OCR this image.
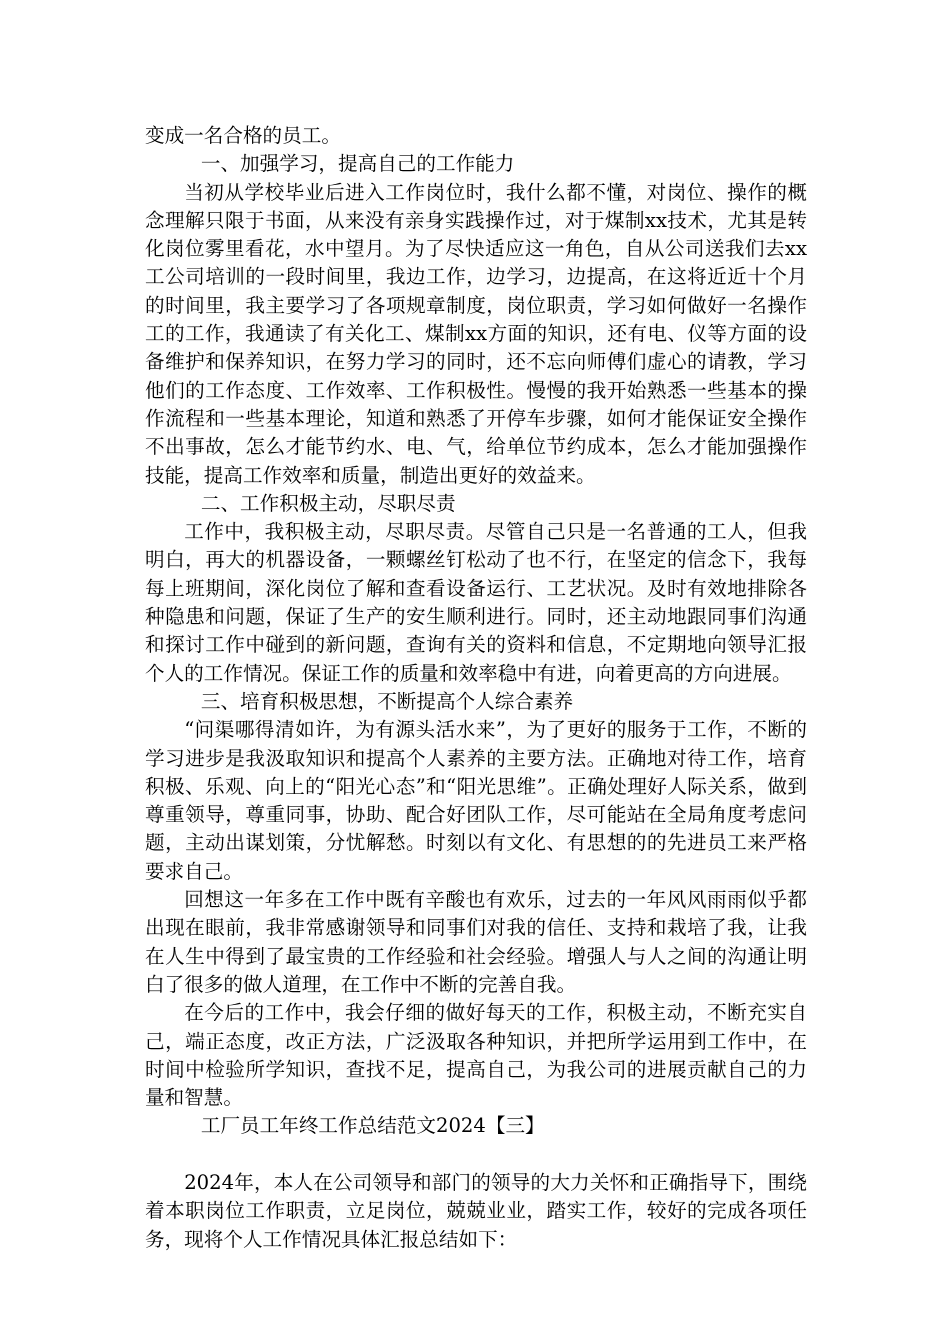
变成一名合格的员工。

一、加强学习，提高自己的工作能力

当初从学校毕业后进入工作岗位时，我什么都不懂，对岗位、操作的概念理解只限于书面，从来没有亲身实践操作过，对于煤制xx技术，尤其是转化岗位雾里看花，水中望月。为了尽快适应这一角色，自从公司送我们去xx工公司培训的一段时间里，我边工作，边学习，边提高，在这将近近十个月的时间里，我主要学习了各项规章制度，岗位职责，学习如何做好一名操作工的工作，我通读了有关化工、煤制xx方面的知识，还有电、仪等方面的设备维护和保养知识，在努力学习的同时，还不忘向师傅们虚心的请教，学习他们的工作态度、工作效率、工作积极性。慢慢的我开始熟悉一些基本的操作流程和一些基本理论，知道和熟悉了开停车步骤，如何才能保证安全操作不出事故，怎么才能节约水、电、气，给单位节约成本，怎么才能加强操作技能，提高工作效率和质量，制造出更好的效益来。

二、工作积极主动，尽职尽责

工作中，我积极主动，尽职尽责。尽管自己只是一名普通的工人，但我明白，再大的机器设备，一颗螺丝钉松动了也不行，在坚定的信念下，我每每上班期间，深化岗位了解和查看设备运行、工艺状况。及时有效地排除各种隐患和问题，保证了生产的安生顺利进行。同时，还主动地跟同事们沟通和探讨工作中碰到的新问题，查询有关的资料和信息，不定期地向领导汇报个人的工作情况。保证工作的质量和效率稳中有进，向着更高的方向进展。

三、培育积极思想，不断提高个人综合素养

“问渠哪得清如许，为有源头活水来”，为了更好的服务于工作，不断的学习进步是我汲取知识和提高个人素养的主要方法。正确地对待工作，培育积极、乐观、向上的“阳光心态”和“阳光思维”。正确处理好人际关系，做到尊重领导，尊重同事，协助、配合好团队工作，尽可能站在全局角度考虑问题，主动出谋划策，分忧解愁。时刻以有文化、有思想的的先进员工来严格要求自己。

回想这一年多在工作中既有辛酸也有欢乐，过去的一年风风雨雨似乎都出现在眼前，我非常感谢领导和同事们对我的信任、支持和栽培了我，让我在人生中得到了最宝贵的工作经验和社会经验。增强人与人之间的沟通让明白了很多的做人道理，在工作中不断的完善自我。

在今后的工作中，我会仔细的做好每天的工作，积极主动，不断充实自己，端正态度，改正方法，广泛汲取各种知识，并把所学运用到工作中，在时间中检验所学知识，查找不足，提高自己，为我公司的进展贡献自己的力量和智慧。

工厂员工年终工作总结范文2024【三】

2024年，本人在公司领导和部门的领导的大力关怀和正确指导下，围绕着本职岗位工作职责，立足岗位，兢兢业业，踏实工作，较好的完成各项任务，现将个人工作情况具体汇报总结如下：
